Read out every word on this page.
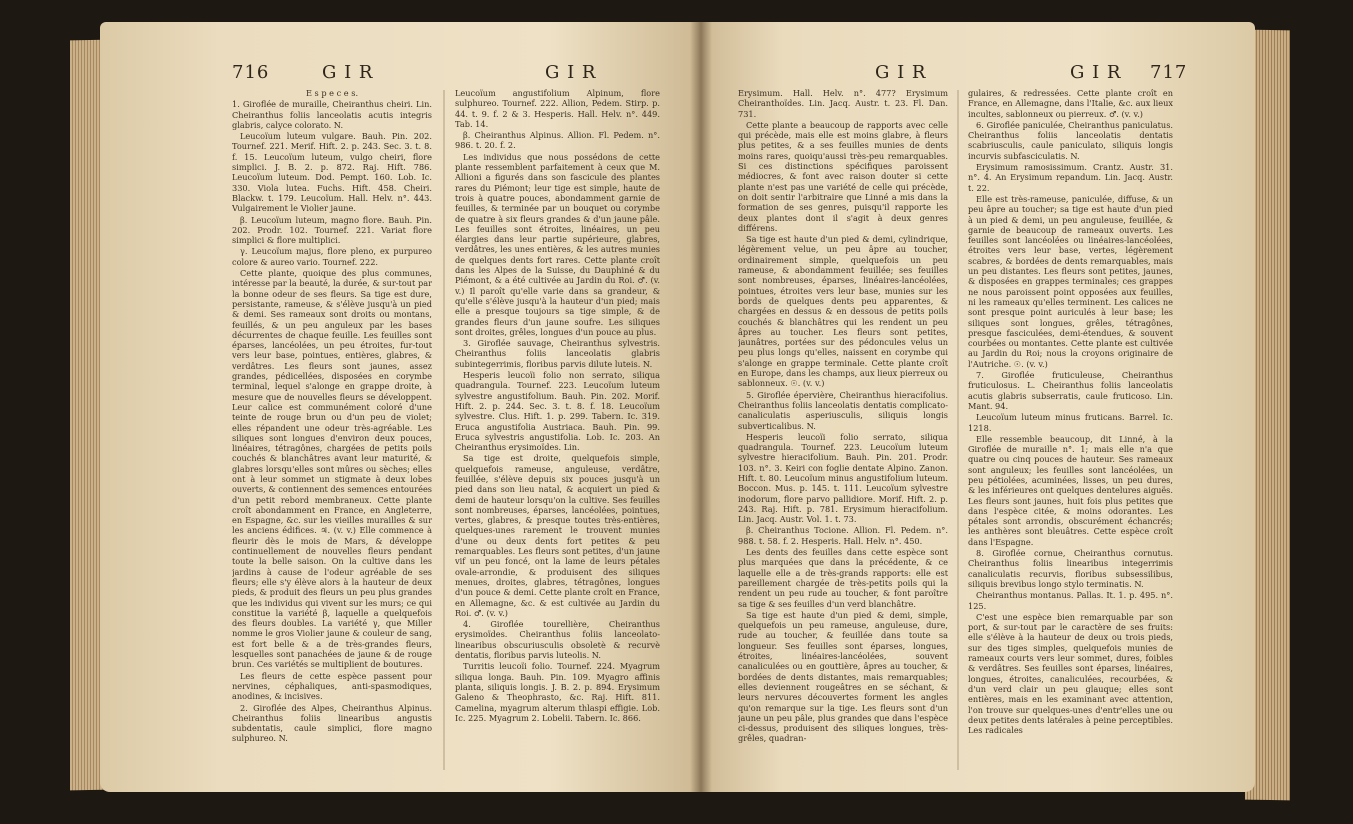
716	G I R	G I R	G I R	G I R 717

E s p e c e s.

1. Giroflée de muraille, Cheiranthus cheiri. Lin. Cheiranthus foliis lanceolatis acutis integris glabris, calyce colorato. N.

Leucoïum luteum vulgare. Bauh. Pin. 202. Tournef. 221. Merif. Hift. 2. p. 243. Sec. 3. t. 8. f. 15. Leucoïum luteum, vulgo cheiri, flore simplici. J. B. 2. p. 872. Raj. Hift. 786. Leucoïum luteum. Dod. Pempt. 160. Lob. Ic. 330. Viola lutea. Fuchs. Hift. 458. Cheiri. Blackw. t. 179. Leucoïum. Hall. Helv. n°. 443. Vulgairement le Violier jaune.

β. Leucoïum luteum, magno flore. Bauh. Pin. 202. Prodr. 102. Tournef. 221. Variat flore simplici & flore multiplici.

γ. Leucoïum majus, flore pleno, ex purpureo colore & aureo vario. Tournef. 222.

Cette plante, quoique des plus communes, intéresse par la beauté, la durée, & sur-tout par la bonne odeur de ses fleurs. Sa tige est dure, persistante, rameuse, & s'élève jusqu'à un pied & demi. Ses rameaux sont droits ou montans, feuillés, & un peu anguleux par les bases décurrentes de chaque feuille. Les feuilles sont éparses, lancéolées, un peu étroites, fur-tout vers leur base, pointues, entières, glabres, & verdâtres. Les fleurs sont jaunes, assez grandes, pédicellées, disposées en corymbe terminal, lequel s'alonge en grappe droite, à mesure que de nouvelles fleurs se développent. Leur calice est communément coloré d'une teinte de rouge brun ou d'un peu de violet; elles répandent une odeur très-agréable. Les siliques sont longues d'environ deux pouces, linéaires, tétragônes, chargées de petits poils couchés & blanchâtres avant leur maturité, & glabres lorsqu'elles sont mûres ou sèches; elles ont à leur sommet un stigmate à deux lobes ouverts, & contiennent des semences entourées d'un petit rebord membraneux. Cette plante croît abondamment en France, en Angleterre, en Espagne, &c. sur les vieilles murailles & sur les anciens édifices. ♃. (v. v.) Elle commence à fleurir dès le mois de Mars, & développe continuellement de nouvelles fleurs pendant toute la belle saison. On la cultive dans les jardins à cause de l'odeur agréable de ses fleurs; elle s'y élève alors à la hauteur de deux pieds, & produit des fleurs un peu plus grandes que les individus qui vivent sur les murs; ce qui constitue la variété β, laquelle a quelquefois des fleurs doubles. La variété γ, que Miller nomme le gros Violier jaune & couleur de sang, est fort belle & a de très-grandes fleurs, lesquelles sont panachées de jaune & de rouge brun. Ces variétés se multiplient de boutures.

Les fleurs de cette espèce passent pour nervines, céphaliques, anti-spasmodiques, anodines, & incisives.

2. Giroflée des Alpes, Cheiranthus Alpinus. Cheiranthus foliis linearibus angustis subdentatis, caule simplici, flore magno sulphureo. N.

Leucoïum angustifolium Alpinum, flore sulphureo. Tournef. 222. Allion, Pedem. Stirp. p. 44. t. 9. f. 2 & 3. Hesperis. Hall. Helv. n°. 449. Tab. 14.

β. Cheiranthus Alpinus. Allion. Fl. Pedem. n°. 986. t. 20. f. 2.

Les individus que nous possédons de cette plante ressemblent parfaitement à ceux que M. Allioni a figurés dans son fascicule des plantes rares du Piémont; leur tige est simple, haute de trois à quatre pouces, abondamment garnie de feuilles, & terminée par un bouquet ou corymbe de quatre à six fleurs grandes & d'un jaune pâle. Les feuilles sont étroites, linéaires, un peu élargies dans leur partie supérieure, glabres, verdâtres, les unes entières, & les autres munies de quelques dents fort rares. Cette plante croît dans les Alpes de la Suisse, du Dauphiné & du Piémont, & a été cultivée au Jardin du Roi. ♂. (v. v.) Il paroît qu'elle varie dans sa grandeur, & qu'elle s'élève jusqu'à la hauteur d'un pied; mais elle a presque toujours sa tige simple, & de grandes fleurs d'un jaune soufre. Les siliques sont droites, grêles, longues d'un pouce au plus.

3. Giroflée sauvage, Cheiranthus sylvestris. Cheiranthus foliis lanceolatis glabris subintegerrimis, floribus parvis dilute luteis. N.

Hesperis leucoïi folio non serrato, siliqua quadrangula. Tournef. 223. Leucoïum luteum sylvestre angustifolium. Bauh. Pin. 202. Morif. Hift. 2. p. 244. Sec. 3. t. 8. f. 18. Leucoïum sylvestre. Clus. Hift. 1. p. 299. Tabern. Ic. 319. Eruca angustifolia Austriaca. Bauh. Pin. 99. Eruca sylvestris angustifolia. Lob. Ic. 203. An Cheiranthus erysimoïdes. Lin.

Sa tige est droite, quelquefois simple, quelquefois rameuse, anguleuse, verdâtre, feuillée, s'élève depuis six pouces jusqu'à un pied dans son lieu natal, & acquiert un pied & demi de hauteur lorsqu'on la cultive. Ses feuilles sont nombreuses, éparses, lancéolées, pointues, vertes, glabres, & presque toutes très-entières, quelques-unes rarement le trouvent munies d'une ou deux dents fort petites & peu remarquables. Les fleurs sont petites, d'un jaune vif un peu foncé, ont la lame de leurs pétales ovale-arrondie, & produisent des siliques menues, droites, glabres, tétragônes, longues d'un pouce & demi. Cette plante croît en France, en Allemagne, &c. & est cultivée au Jardin du Roi. ♂. (v. v.)

4. Giroflée tourellière, Cheiranthus erysimoïdes. Cheiranthus foliis lanceolato-linearibus obscuriusculis obsoletè & recurvè dentatis, floribus parvis luteolis. N.

Turritis leucoïi folio. Tournef. 224. Myagrum siliqua longa. Bauh. Pin. 109. Myagro affinis planta, siliquis longis. J. B. 2. p. 894. Erysimum Galeno & Theophrasto, &c. Raj. Hift. 811. Camelina, myagrum alterum thlaspi effigie. Lob. Ic. 225. Myagrum 2. Lobelii. Tabern. Ic. 866.

Erysimum. Hall. Helv. n°. 477? Erysimum Cheiranthoïdes. Lin. Jacq. Austr. t. 23. Fl. Dan. 731.

Cette plante a beaucoup de rapports avec celle qui précède, mais elle est moins glabre, à fleurs plus petites, & a ses feuilles munies de dents moins rares, quoiqu'aussi très-peu remarquables. Si ces distinctions spécifiques paroissent médiocres, & font avec raison douter si cette plante n'est pas une variété de celle qui précède, on doit sentir l'arbitraire que Linné a mis dans la formation de ses genres, puisqu'il rapporte les deux plantes dont il s'agit à deux genres différens.

Sa tige est haute d'un pied & demi, cylindrique, légèrement velue, un peu âpre au toucher, ordinairement simple, quelquefois un peu rameuse, & abondamment feuillée; ses feuilles sont nombreuses, éparses, linéaires-lancéolées, pointues, étroites vers leur base, munies sur les bords de quelques dents peu apparentes, & chargées en dessus & en dessous de petits poils couchés & blanchâtres qui les rendent un peu âpres au toucher. Les fleurs sont petites, jaunâtres, portées sur des pédoncules velus un peu plus longs qu'elles, naissent en corymbe qui s'alonge en grappe terminale. Cette plante croît en Europe, dans les champs, aux lieux pierreux ou sablonneux. ☉. (v. v.)

5. Giroflée épervière, Cheiranthus hieracifolius. Cheiranthus foliis lanceolatis dentatis complicato-canaliculatis asperiusculis, siliquis longis subverticalibus. N.

Hesperis leucoïi folio serrato, siliqua quadrangula. Tournef. 223. Leucoïum luteum sylvestre hieracifolium. Bauh. Pin. 201. Prodr. 103. n°. 3. Keiri con foglie dentate Alpino. Zanon. Hift. t. 80. Leucoïum minus angustifolium luteum. Boccon. Mus. p. 145. t. 111. Leucoïum sylvestre inodorum, flore parvo pallidiore. Morif. Hift. 2. p. 243. Raj. Hift. p. 781. Erysimum hieracifolium. Lin. Jacq. Austr. Vol. 1. t. 73.

β. Cheiranthus Tocione. Allion. Fl. Pedem. n°. 988. t. 58. f. 2. Hesperis. Hall. Helv. n°. 450.

Les dents des feuilles dans cette espèce sont plus marquées que dans la précédente, & ce laquelle elle a de très-grands rapports: elle est pareillement chargée de très-petits poils qui la rendent un peu rude au toucher, & font paroître sa tige & ses feuilles d'un verd blanchâtre.

Sa tige est haute d'un pied & demi, simple, quelquefois un peu rameuse, anguleuse, dure, rude au toucher, & feuillée dans toute sa longueur. Ses feuilles sont éparses, longues, étroites, linéaires-lancéolées, souvent canaliculées ou en gouttière, âpres au toucher, & bordées de dents distantes, mais remarquables; elles deviennent rougeâtres en se séchant, & leurs nervures découvertes forment les angles qu'on remarque sur la tige. Les fleurs sont d'un jaune un peu pâle, plus grandes que dans l'espèce ci-dessus, produisent des siliques longues, très-grêles, quadran-

gulaires, & redressées. Cette plante croît en France, en Allemagne, dans l'Italie, &c. aux lieux incultes, sablonneux ou pierreux. ♂. (v. v.)

6. Giroflée paniculée, Cheiranthus paniculatus. Cheiranthus foliis lanceolatis dentatis scabriusculis, caule paniculato, siliquis longis incurvis subfasciculatis. N.

Erysimum ramosissimum. Crantz. Austr. 31. n°. 4. An Erysimum repandum. Lin. Jacq. Austr. t. 22.

Elle est très-rameuse, paniculée, diffuse, & un peu âpre au toucher; sa tige est haute d'un pied à un pied & demi, un peu anguleuse, feuillée, & garnie de beaucoup de rameaux ouverts. Les feuilles sont lancéolées ou linéaires-lancéolées, étroites vers leur base, vertes, légèrement scabres, & bordées de dents remarquables, mais un peu distantes. Les fleurs sont petites, jaunes, & disposées en grappes terminales; ces grappes ne nous paroissent point opposées aux feuilles, ni les rameaux qu'elles terminent. Les calices ne sont presque point auriculés à leur base; les siliques sont longues, grêles, tétragônes, presque fasciculées, demi-étendues, & souvent courbées ou montantes. Cette plante est cultivée au Jardin du Roi; nous la croyons originaire de l'Autriche. ☉. (v. v.)

7. Giroflée fruticuleuse, Cheiranthus fruticulosus. L. Cheiranthus foliis lanceolatis acutis glabris subserratis, caule fruticoso. Lin. Mant. 94.

Leucoïum luteum minus fruticans. Barrel. Ic. 1218.

Elle ressemble beaucoup, dit Linné, à la Giroflée de muraille n°. 1; mais elle n'a que quatre ou cinq pouces de hauteur. Ses rameaux sont anguleux; les feuilles sont lancéolées, un peu pétiolées, acuminées, lisses, un peu dures, & les inférieures ont quelques dentelures aiguës. Les fleurs sont jaunes, huit fois plus petites que dans l'espèce citée, & moins odorantes. Les pétales sont arrondis, obscurément échancrés; les anthères sont bleuâtres. Cette espèce croît dans l'Espagne.

8. Giroflée cornue, Cheiranthus cornutus. Cheiranthus foliis linearibus integerrimis canaliculatis recurvis, floribus subsessilibus, siliquis brevibus longo stylo terminatis. N.

Cheiranthus montanus. Pallas. It. 1. p. 495. n°. 125.

C'est une espèce bien remarquable par son port, & sur-tout par le caractère de ses fruits: elle s'élève à la hauteur de deux ou trois pieds, sur des tiges simples, quelquefois munies de rameaux courts vers leur sommet, dures, foibles & verdâtres. Ses feuilles sont éparses, linéaires, longues, étroites, canaliculées, recourbées, & d'un verd clair un peu glauque; elles sont entières, mais en les examinant avec attention, l'on trouve sur quelques-unes d'entr'elles une ou deux petites dents latérales à peine perceptibles. Les radicales
